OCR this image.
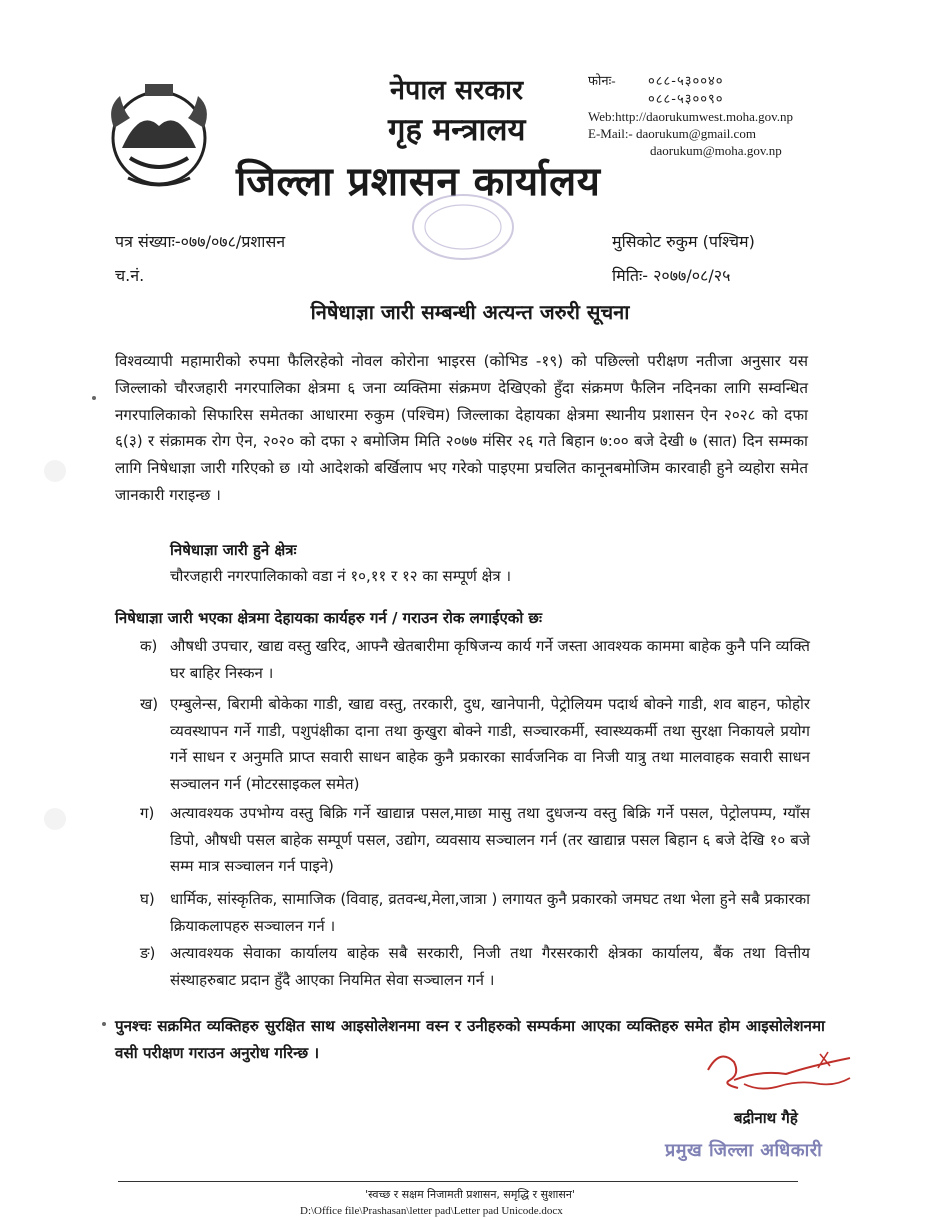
नेपाल सरकार
गृह मन्त्रालय
जिल्ला प्रशासन कार्यालय
फोनः- ०८८-५३००४०
०८८-५३००९०
Web:http://daorukumwest.moha.gov.np
E-Mail:- daorukum@gmail.com
daorukum@moha.gov.np
पत्र संख्याः-०७७/०७८/प्रशासन
च.नं.
मुसिकोट रुकुम (पश्चिम)
मितिः- २०७७/०८/२५
निषेधाज्ञा जारी सम्बन्धी अत्यन्त जरुरी सूचना
विश्वव्यापी महामारीको रुपमा फैलिरहेको नोवल कोरोना भाइरस (कोभिड -१९) को पछिल्लो परीक्षण नतीजा अनुसार यस जिल्लाको चौरजहारी नगरपालिका क्षेत्रमा ६ जना व्यक्तिमा संक्रमण देखिएको हुँदा संक्रमण फैलिन नदिनका लागि सम्वन्धित नगरपालिकाको सिफारिस समेतका आधारमा रुकुम (पश्चिम) जिल्लाका देहायका क्षेत्रमा स्थानीय प्रशासन ऐन २०२८ को दफा ६(३) र संक्रामक रोग ऐन, २०२० को दफा २ बमोजिम मिति २०७७ मंसिर २६ गते बिहान ७:०० बजे देखी ७ (सात) दिन सम्मका लागि निषेधाज्ञा जारी गरिएको छ ।यो आदेशको बर्खिलाप भए गरेको पाइएमा प्रचलित कानूनबमोजिम कारवाही हुने व्यहोरा समेत जानकारी गराइन्छ ।
निषेधाज्ञा जारी हुने क्षेत्रः
चौरजहारी नगरपालिकाको वडा नं १०,११ र १२ का सम्पूर्ण क्षेत्र ।
निषेधाज्ञा जारी भएका क्षेत्रमा देहायका कार्यहरु गर्न / गराउन रोक लगाईएको छः
क) औषधी उपचार, खाद्य वस्तु खरिद, आफ्नै खेतबारीमा कृषिजन्य कार्य गर्ने जस्ता आवश्यक काममा बाहेक कुनै पनि व्यक्ति घर बाहिर निस्कन ।
ख) एम्बुलेन्स, बिरामी बोकेका गाडी, खाद्य वस्तु, तरकारी, दुध, खानेपानी, पेट्रोलियम पदार्थ बोक्ने गाडी, शव बाहन, फोहोर व्यवस्थापन गर्ने गाडी, पशुपंक्षीका दाना तथा कुखुरा बोक्ने गाडी, सञ्चारकर्मी, स्वास्थ्यकर्मी तथा सुरक्षा निकायले प्रयोग गर्ने साधन र अनुमति प्राप्त सवारी साधन बाहेक कुनै प्रकारका सार्वजनिक वा निजी यात्रु तथा मालवाहक सवारी साधन सञ्चालन गर्न (मोटरसाइकल समेत)
ग)	अत्यावश्यक उपभोग्य वस्तु बिक्रि गर्ने खाद्यान्न पसल,माछा मासु तथा दुधजन्य वस्तु बिक्रि गर्ने पसल, पेट्रोलपम्प, ग्याँस डिपो, औषधी पसल बाहेक सम्पूर्ण पसल, उद्योग, व्यवसाय सञ्चालन गर्न (तर खाद्यान्न पसल बिहान ६ बजे देखि १० बजे सम्म मात्र सञ्चालन गर्न पाइने)
घ)	धार्मिक, सांस्कृतिक, सामाजिक (विवाह, व्रतवन्ध,मेला,जात्रा ) लगायत कुनै प्रकारको जमघट तथा भेला हुने सबै प्रकारका क्रियाकलापहरु सञ्चालन गर्न ।
ङ) अत्यावश्यक सेवाका कार्यालय बाहेक सबै सरकारी, निजी तथा गैरसरकारी क्षेत्रका कार्यालय, बैंक तथा वित्तीय संस्थाहरुबाट प्रदान हुँदै आएका नियमित सेवा सञ्चालन गर्न ।
पुनश्चः सक्रमित व्यक्तिहरु सुरक्षित साथ आइसोलेशनमा वस्न र उनीहरुको सम्पर्कमा आएका व्यक्तिहरु समेत होम आइसोलेशनमा वसी परीक्षण गराउन अनुरोध गरिन्छ ।
बद्रीनाथ गैहे
प्रमुख जिल्ला अधिकारी
'स्वच्छ र सक्षम निजामती प्रशासन, समृद्धि र सुशासन'
D:\Office file\Prashasan\letter pad\Letter pad Unicode.docx
